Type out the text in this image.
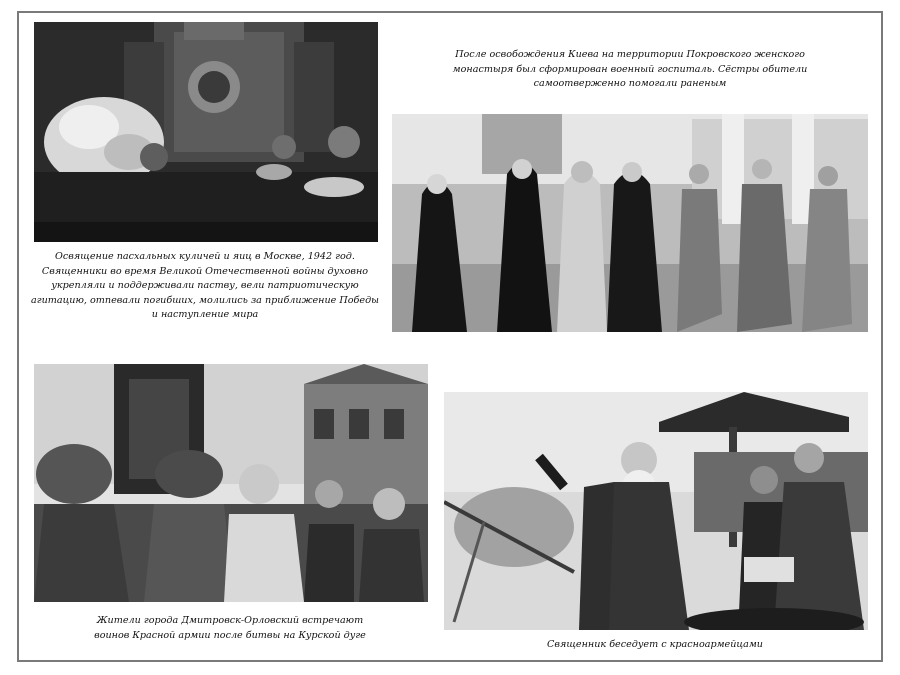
Освящение пасхальных куличей и яиц в Москве, 1942 год. Священники во время Великой Отечественной войны духовно укрепляли и поддерживали паству, вели патриотическую агитацию, отпевали погибших, молились за приближение Победы и наступление мира
После освобождения Киева на территории Покровского женского монастыря был сформирован военный госпиталь. Сёстры обители самоотверженно помогали раненым
Жители города Дмитровск-Орловский встречают воинов Красной армии после битвы на Курской дуге
Священник беседует с красноармейцами
